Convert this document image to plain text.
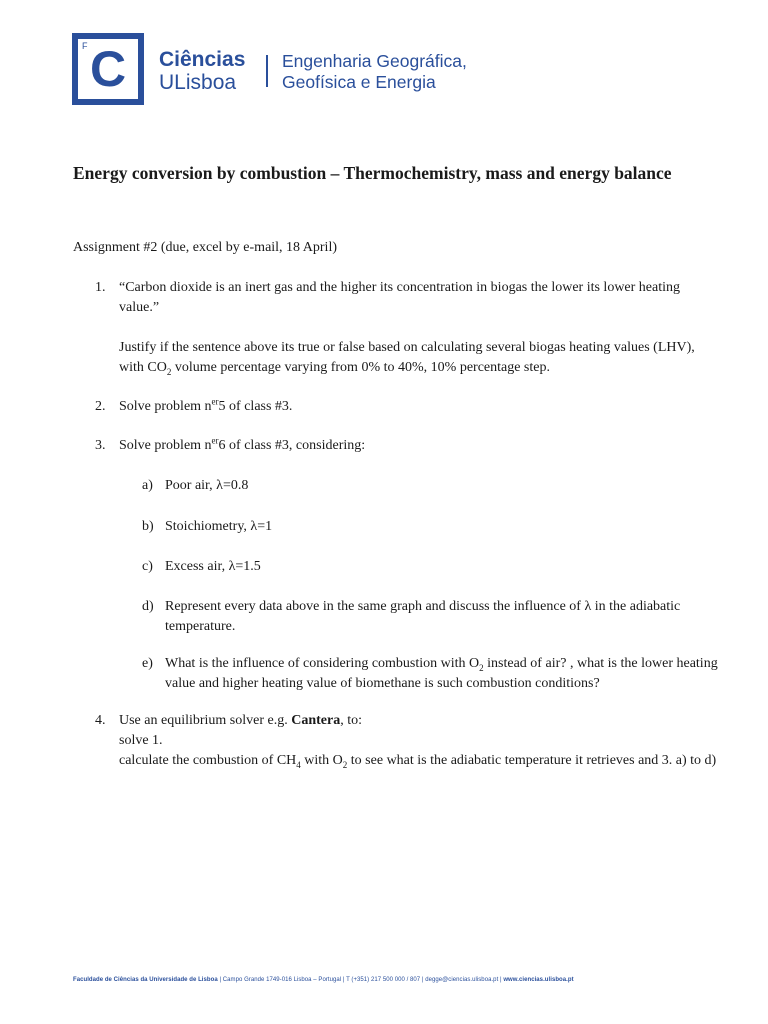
F C	Ciências
ULisboa
Engenharia Geográfica,
Geofísica e Energia
Energy conversion by combustion – Thermochemistry, mass and energy balance
Assignment #2 (due, excel by e-mail, 18 April)
1. “Carbon dioxide is an inert gas and the higher its concentration in biogas the lower its lower heating value.”
Justify if the sentence above its true or false based on calculating several biogas heating values (LHV), with $CO_2$ volume percentage varying from 0% to 40%, 10% percentage step.
2. Solve problem $n^{er}5$ of class #3.
3. Solve problem $n^{er}6$ of class #3, considering:
a) Poor air, λ=0.8
b) Stoichiometry, λ=1
c) Excess air, λ=1.5
d) Represent every data above in the same graph and discuss the influence of λ in the adiabatic temperature.
e) What is the influence of considering combustion with $O_2$ instead of air? , what is the lower heating value and higher heating value of biomethane is such combustion conditions?
4. Use an equilibrium solver e.g. Cantera, to:
solve 1.
calculate the combustion of $CH_4$ with $O_2$ to see what is the adiabatic temperature it retrieves and 3. a) to d)
Faculdade de Ciências da Universidade de Lisboa | Campo Grande 1749-016 Lisboa – Portugal | T (+351) 217 500 000 / 807 | degge@ciencias.ulisboa.pt | www.ciencias.ulisboa.pt
